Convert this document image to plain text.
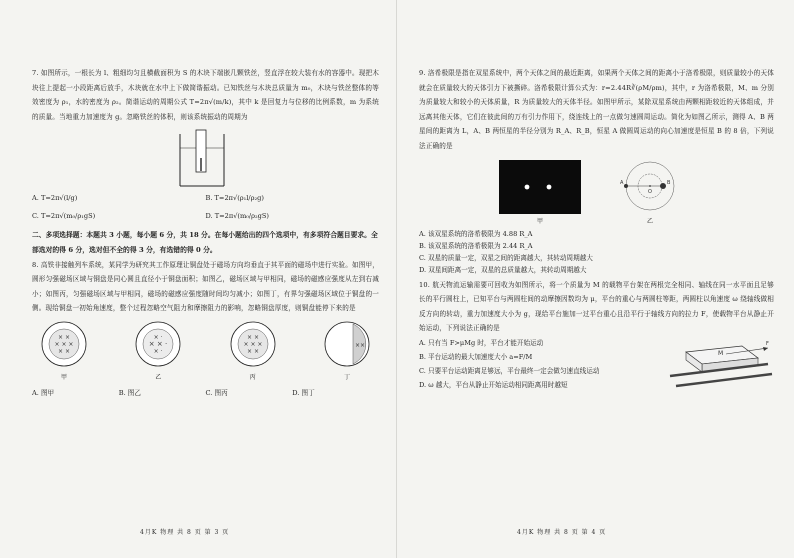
7. 如图所示，一根长为 l、粗细均匀且横截面积为 S 的木块下端嵌几颗铁丝，竖直浮在较大装有水的容器中。现把木块往上提起一小段距离后放手，木块就在水中上下做简谐振动。已知铁丝与木块总质量为 m₀，木块与铁丝整体的等效密度为 ρ₁，水的密度为 ρ₂。简谐运动的周期公式 T=2π√(m/k)，其中 k 是回复力与位移的比例系数，m 为系统的质量。当地重力加速度为 g。忽略铁丝的体积，则该系统振动的周期为

A. T=2π√(l/g)	B. T=2π√(ρ₁l/ρ₂g)

C. T=2π√(m₀/ρ₁gS)	D. T=2π√(m₀/ρ₂gS)

二、多项选择题：本题共 3 小题，每小题 6 分，共 18 分。在每小题给出的四个选项中，有多项符合题目要求。全部选对的得 6 分，选对但不全的得 3 分，有选错的得 0 分。

8. 高铁非接触列车系统，某同学为研究其工作原理让铜盘处于磁场方向均垂直于其平面的磁场中进行实验。如图甲，圆形匀强磁场区域与铜盘是同心圆且直径小于铜盘面积；如图乙，磁场区域与甲相同，磁场的磁感应强度从左到右减小；如图丙，匀强磁场区域与甲相同，磁场的磁感应强度随时间均匀减小；如图丁，有界匀强磁场区域位于铜盘的一侧。现给铜盘一初始角速度，整个过程忽略空气阻力和摩擦阻力的影响，忽略铜盘厚度，则铜盘能停下来的是

× × ×
× ×
× ×
甲
× × ·
× ·
× ·
乙
× × ×
× ×
× ×
丙
××
丁

A. 图甲	B. 图乙	C. 图丙	D. 图丁

4月K 物理 共 8 页 第 3 页

9. 洛希极限是指在双星系统中，两个天体之间的最近距离，如果两个天体之间的距离小于洛希极限，则质量较小的天体就会在质量较大的天体引力下被撕碎。洛希极限计算公式为：r=2.44R∛(ρM/ρm)，其中，r 为洛希极限，M、m 分别为质量较大和较小的天体质量，R 为质量较大的天体半径。如图甲所示，某除双星系统由两颗相距较近的天体组成，并远离其他天体，它们在彼此间的万有引力作用下，绕连线上的一点做匀速圆周运动。简化为如图乙所示，测得 A、B 两星间的距离为 L，A、B 两恒星的半径分别为 R_A、R_B，恒星 A 做圆周运动的向心加速度是恒星 B 的 8 倍，下列说法正确的是

甲
A
O
B
乙

A. 该双星系统的洛希极限为 4.88 R_A

B. 该双星系统的洛希极限为 2.44 R_A

C. 双星的质量一定，双星之间的距离越大，其转动周期越大

D. 双星间距离一定，双星的总质量越大，其转动周期越大

10. 航天物流运输需要可回收为如图所示，将一个质量为 M 的载物平台架在两根完全相同、轴线在同一水平面且足够长的平行圆柱上，已知平台与两圆柱间的动摩擦因数均为 μ，平台的重心与两圆柱等距，两圆柱以角速度 ω 绕轴线做相反方向的转动，重力加速度大小为 g，现给平台施加一过平台重心且沿平行于轴线方向的拉力 F，使载物平台从静止开始运动，下列说法正确的是

A. 只有当 F>μMg 时，平台才能开始运动

B. 平台运动的最大加速度大小 a=F/M

C. 只要平台运动距离足够远，平台最终一定会做匀速直线运动

D. ω 越大，平台从静止开始运动相同距离用时越短

M
F
4月K 物理 共 8 页 第 4 页
